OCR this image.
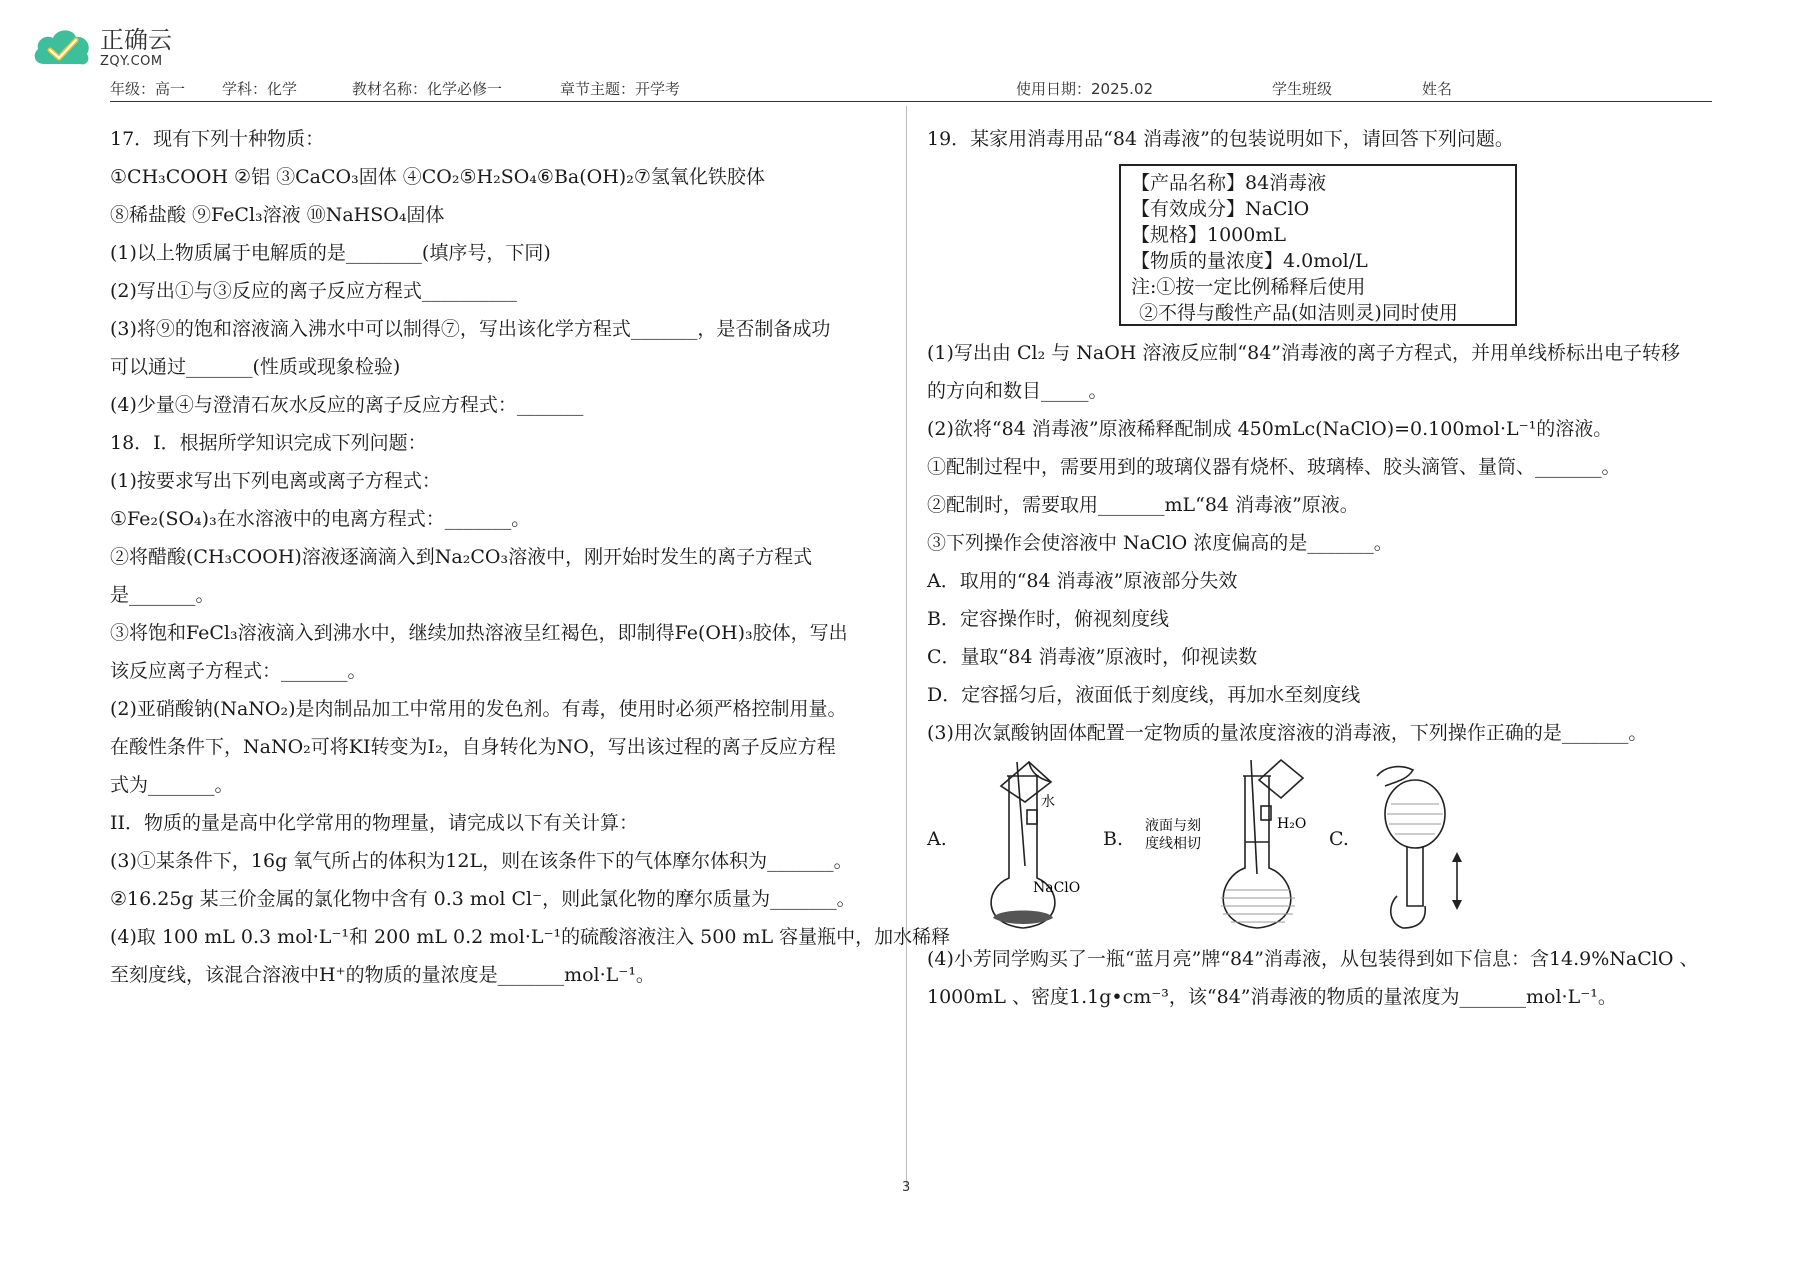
正确云
ZQY.COM
年级：高一 学科：化学	教材名称：化学必修一	章节主题：开学考	使用日期：2025.02	学生班级	姓名
17．现有下列十种物质：
①CH₃COOH ②铝 ③CaCO₃固体 ④CO₂⑤H₂SO₄⑥Ba(OH)₂⑦氢氧化铁胶体
⑧稀盐酸 ⑨FeCl₃溶液 ⑩NaHSO₄固体
(1)以上物质属于电解质的是________(填序号，下同)
(2)写出①与③反应的离子反应方程式__________
(3)将⑨的饱和溶液滴入沸水中可以制得⑦，写出该化学方程式_______，是否制备成功
可以通过_______(性质或现象检验)
(4)少量④与澄清石灰水反应的离子反应方程式：_______
18．I．根据所学知识完成下列问题：
(1)按要求写出下列电离或离子方程式：
①Fe₂(SO₄)₃在水溶液中的电离方程式：_______。
②将醋酸(CH₃COOH)溶液逐滴滴入到Na₂CO₃溶液中，刚开始时发生的离子方程式
是_______。
③将饱和FeCl₃溶液滴入到沸水中，继续加热溶液呈红褐色，即制得Fe(OH)₃胶体，写出
该反应离子方程式：_______。
(2)亚硝酸钠(NaNO₂)是肉制品加工中常用的发色剂。有毒，使用时必须严格控制用量。
在酸性条件下，NaNO₂可将KI转变为I₂，自身转化为NO，写出该过程的离子反应方程
式为_______。
II．物质的量是高中化学常用的物理量，请完成以下有关计算：
(3)①某条件下，16g 氧气所占的体积为12L，则在该条件下的气体摩尔体积为_______。
②16.25g 某三价金属的氯化物中含有 0.3 mol Cl⁻，则此氯化物的摩尔质量为_______。
(4)取 100 mL 0.3 mol·L⁻¹和 200 mL 0.2 mol·L⁻¹的硫酸溶液注入 500 mL 容量瓶中，加水稀释
至刻度线，该混合溶液中H⁺的物质的量浓度是_______mol·L⁻¹。
19．某家用消毒用品“84 消毒液”的包装说明如下，请回答下列问题。
【产品名称】84消毒液
【有效成分】NaClO
【规格】1000mL
【物质的量浓度】4.0mol/L
注:①按一定比例稀释后使用
②不得与酸性产品(如洁则灵)同时使用
(1)写出由 Cl₂ 与 NaOH 溶液反应制“84”消毒液的离子方程式，并用单线桥标出电子转移
的方向和数目_____。
(2)欲将“84 消毒液”原液稀释配制成 450mLc(NaClO)=0.100mol·L⁻¹的溶液。
①配制过程中，需要用到的玻璃仪器有烧杯、玻璃棒、胶头滴管、量筒、_______。
②配制时，需要取用_______mL“84 消毒液”原液。
③下列操作会使溶液中 NaClO 浓度偏高的是_______。
A．取用的“84 消毒液”原液部分失效
B．定容操作时，俯视刻度线
C．量取“84 消毒液”原液时，仰视读数
D．定容摇匀后，液面低于刻度线，再加水至刻度线
(3)用次氯酸钠固体配置一定物质的量浓度溶液的消毒液，下列操作正确的是_______。
A.
水
NaClO
B.
液面与刻
度线相切
H₂O
C.
(4)小芳同学购买了一瓶“蓝月亮”牌“84”消毒液，从包装得到如下信息：含14.9%NaClO 、
1000mL 、密度1.1g•cm⁻³，该“84”消毒液的物质的量浓度为_______mol·L⁻¹。
3
